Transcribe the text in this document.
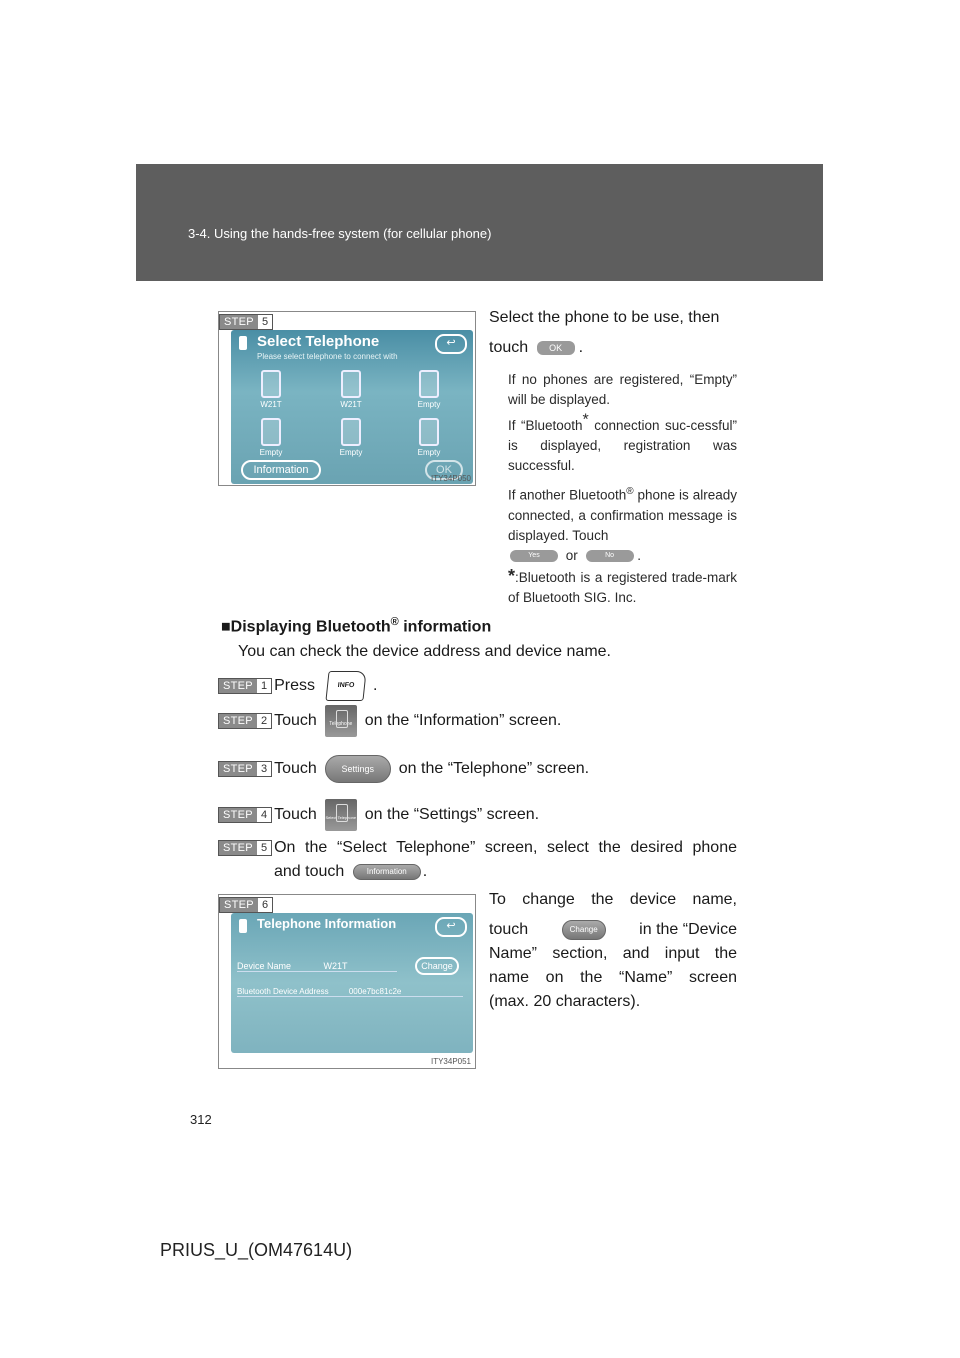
3-4. Using the hands-free system (for cellular phone)
STEP 5
Select Telephone
Please select telephone to connect with
↩
W21T	W21T	Empty
Empty	Empty	Empty
Information	OK
ITY34P050
Select the phone to be use, then
touch OK .
If no phones are registered, “Empty” will be displayed.
If “Bluetooth* connection suc-cessful” is displayed, registration was successful.
If another Bluetooth® phone is already connected, a confirmation message is displayed. Touch
Yes or	No .
*:Bluetooth is a registered trade-mark of Bluetooth SIG. Inc.
■Displaying Bluetooth® information
You can check the device address and device name.
STEP 1 Press	INFO	.
STEP 2 Touch	Telephone on the “Information” screen.
STEP 3 Touch	Settings	on the “Telephone” screen.
STEP 4 Touch Select Telephone on the “Settings” screen.
STEP 5 On the “Select Telephone” screen, select the desired phone
and touch	Information .
STEP 6
Telephone Information	↩
Device Name	W21T	Change
Bluetooth Device Address	000e7bc81c2e
ITY34P051
To change the device name,
touch	Change	in the “Device
Name” section, and input the
name on the “Name” screen
(max. 20 characters).
312
PRIUS_U_(OM47614U)
